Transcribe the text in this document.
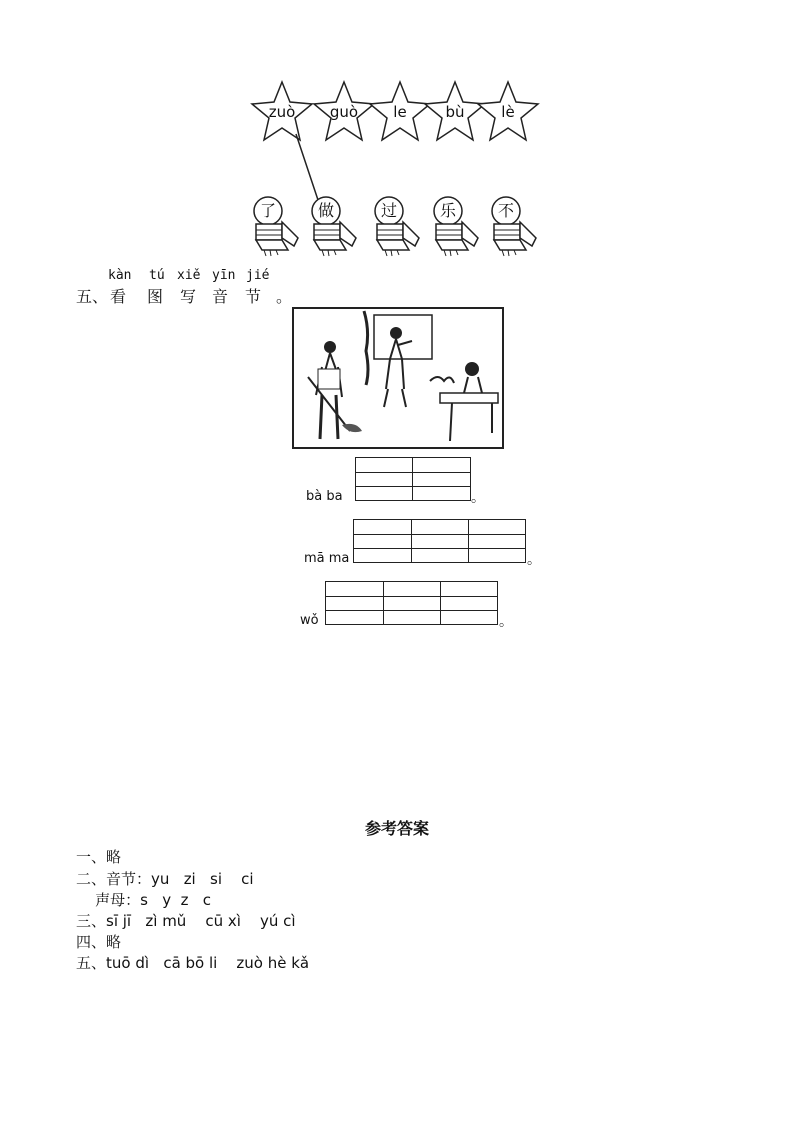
zuò	guò	le	bù	lè
了	做	过	乐	不
kàn tú xiě yīn jié
五、 看 图 写 音 节 。
bà ba	。
mā ma	。
wǒ	。
参考答案
一、略
二、音节：yu   zi   si    ci
声母：s   y  z   c
三、sī jī   zì mǔ    cū xì    yú cì
四、略
五、tuō dì   cā bō li    zuò hè kǎ
